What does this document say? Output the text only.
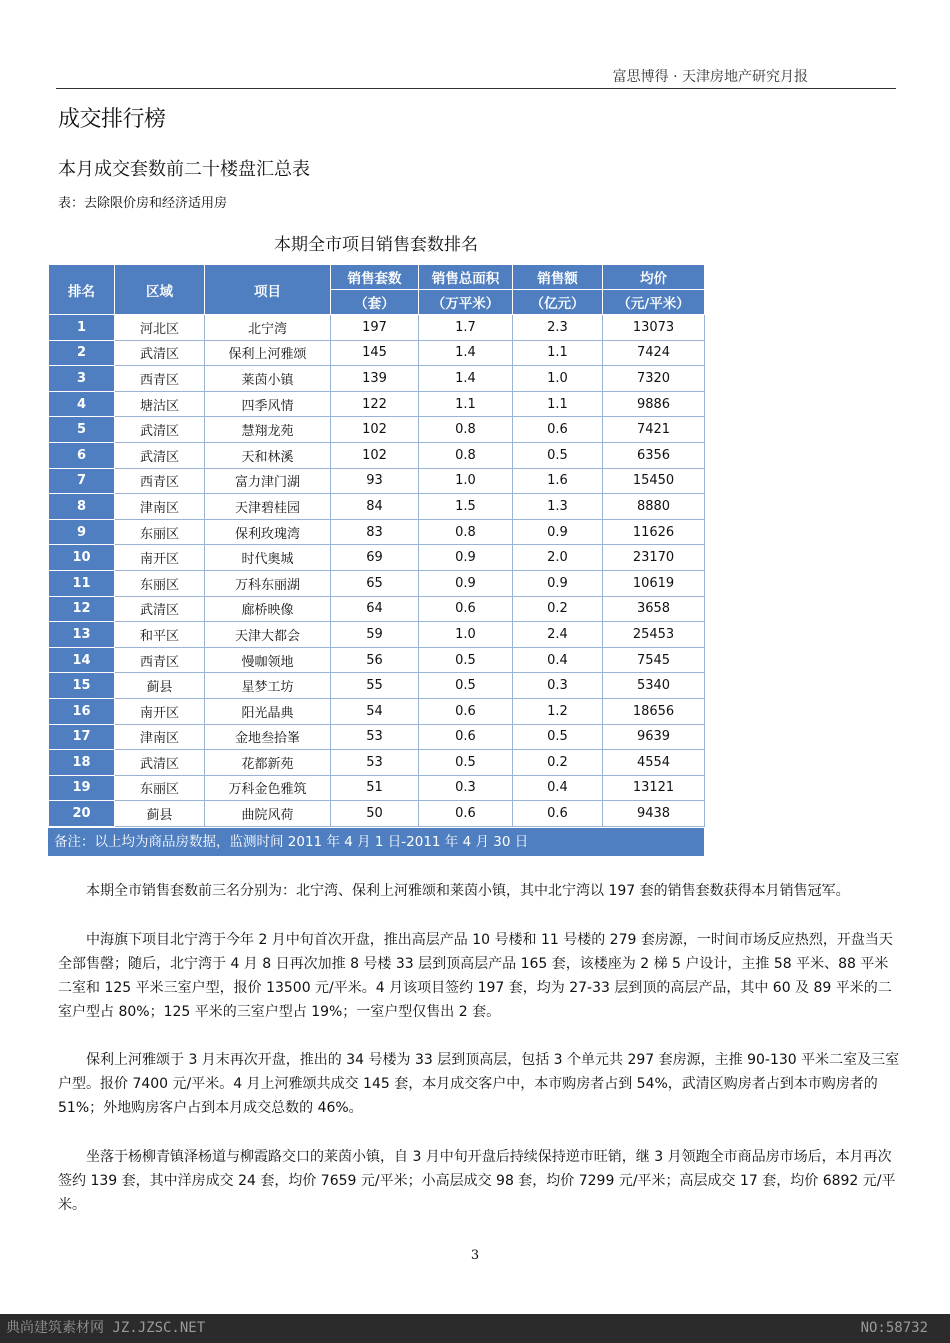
富思博得 · 天津房地产研究月报
成交排行榜
本月成交套数前二十楼盘汇总表
表：去除限价房和经济适用房
本期全市项目销售套数排名
排名	区域	项目	销售套数	销售总面积	销售额	均价
			（套）	（万平米）	（亿元）	（元/平米）
1	河北区	北宁湾	197	1.7	2.3	13073
2	武清区	保利上河雅颂	145	1.4	1.1	7424
3	西青区	莱茵小镇	139	1.4	1.0	7320
4	塘沽区	四季风情	122	1.1	1.1	9886
5	武清区	慧翔龙苑	102	0.8	0.6	7421
6	武清区	天和林溪	102	0.8	0.5	6356
7	西青区	富力津门湖	93	1.0	1.6	15450
8	津南区	天津碧桂园	84	1.5	1.3	8880
9	东丽区	保利玫瑰湾	83	0.8	0.9	11626
10	南开区	时代奥城	69	0.9	2.0	23170
11	东丽区	万科东丽湖	65	0.9	0.9	10619
12	武清区	廊桥映像	64	0.6	0.2	3658
13	和平区	天津大都会	59	1.0	2.4	25453
14	西青区	慢咖领地	56	0.5	0.4	7545
15	蓟县	星梦工坊	55	0.5	0.3	5340
16	南开区	阳光晶典	54	0.6	1.2	18656
17	津南区	金地叁拾峯	53	0.6	0.5	9639
18	武清区	花都新苑	53	0.5	0.2	4554
19	东丽区	万科金色雅筑	51	0.3	0.4	13121
20	蓟县	曲院风荷	50	0.6	0.6	9438
备注：以上均为商品房数据，监测时间 2011 年 4 月 1 日-2011 年 4 月 30 日
本期全市销售套数前三名分别为：北宁湾、保利上河雅颂和莱茵小镇，其中北宁湾以 197 套的销售套数获得本月销售冠军。
中海旗下项目北宁湾于今年 2 月中旬首次开盘，推出高层产品 10 号楼和 11 号楼的 279 套房源，一时间市场反应热烈，开盘当天全部售罄；随后，北宁湾于 4 月 8 日再次加推 8 号楼 33 层到顶高层产品 165 套，该楼座为 2 梯 5 户设计，主推 58 平米、88 平米二室和 125 平米三室户型，报价 13500 元/平米。4 月该项目签约 197 套，均为 27-33 层到顶的高层产品，其中 60 及 89 平米的二室户型占 80%；125 平米的三室户型占 19%；一室户型仅售出 2 套。
保利上河雅颂于 3 月末再次开盘，推出的 34 号楼为 33 层到顶高层，包括 3 个单元共 297 套房源，主推 90-130 平米二室及三室户型。报价 7400 元/平米。4 月上河雅颂共成交 145 套，本月成交客户中，本市购房者占到 54%，武清区购房者占到本市购房者的 51%；外地购房客户占到本月成交总数的 46%。
坐落于杨柳青镇泽杨道与柳霞路交口的莱茵小镇，自 3 月中旬开盘后持续保持逆市旺销，继 3 月领跑全市商品房市场后，本月再次签约 139 套，其中洋房成交 24 套，均价 7659 元/平米；小高层成交 98 套，均价 7299 元/平米；高层成交 17 套，均价 6892 元/平米。
3
典尚建筑素材网 JZ.JZSC.NET	NO:58732
